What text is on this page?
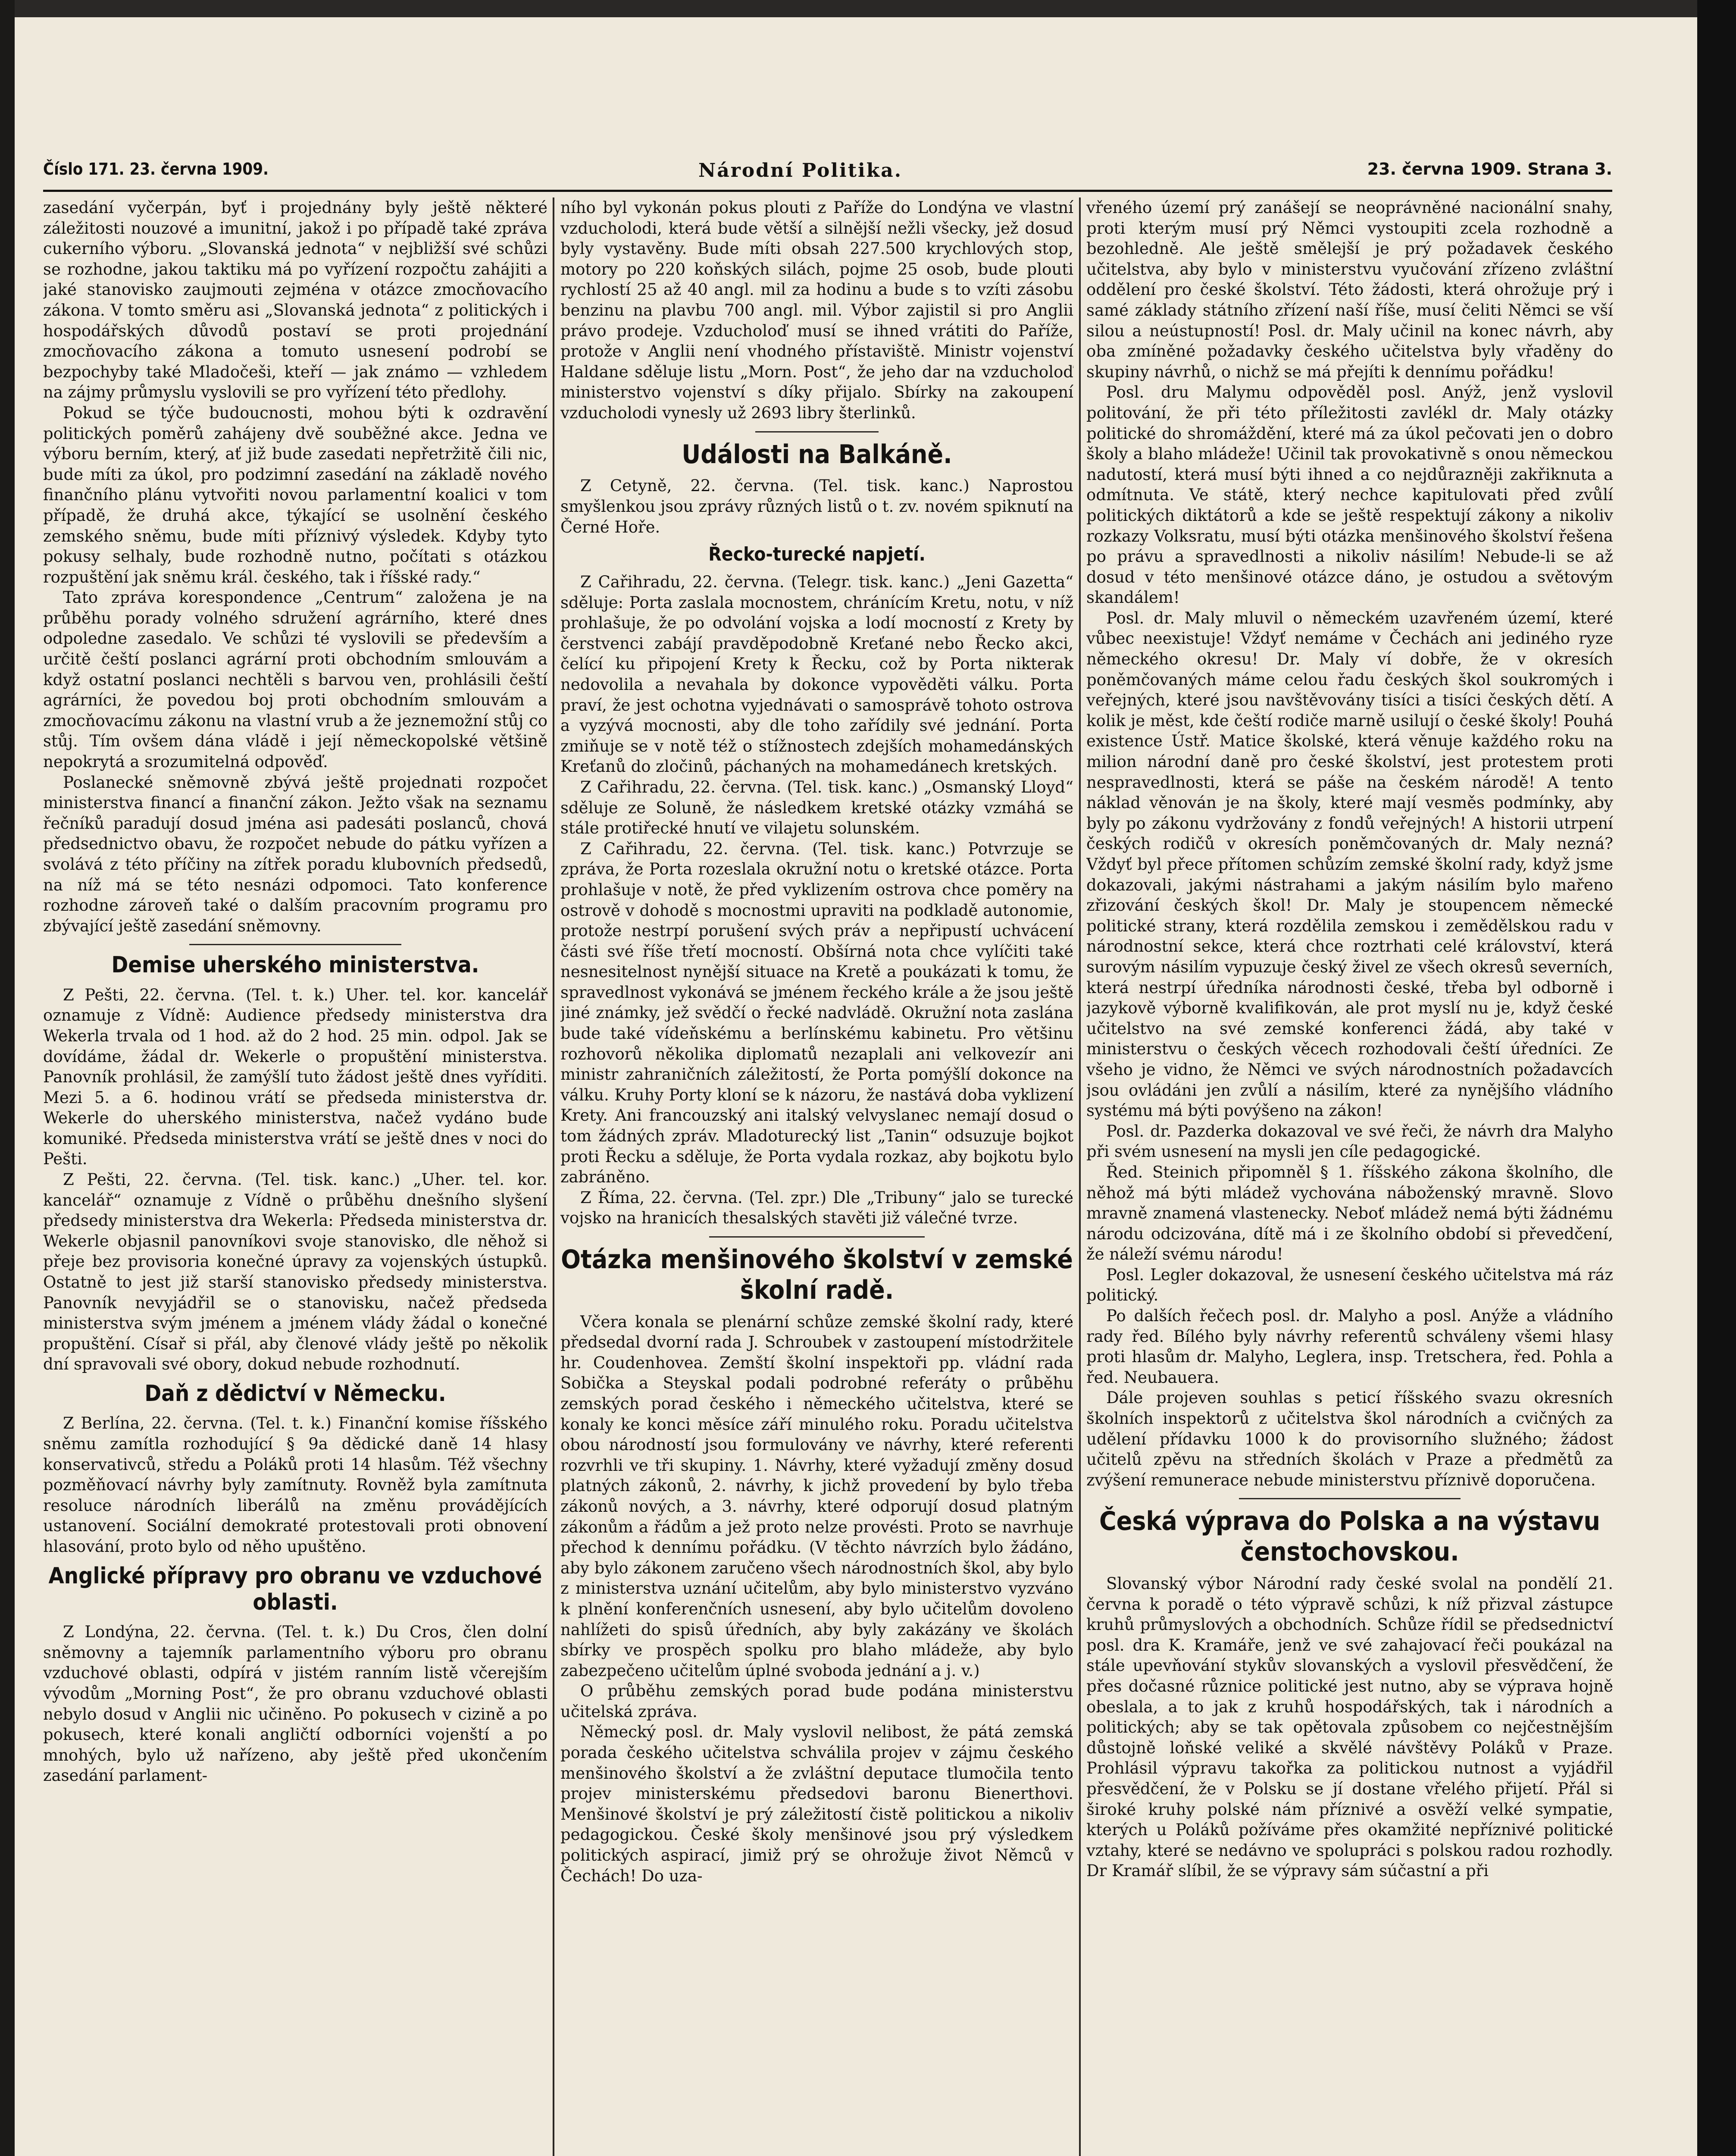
Číslo 171. 23. června 1909.	Národní Politika.	23. června 1909. Strana 3.

zasedání vyčerpán, byť i projednány byly ještě některé záležitosti nouzové a imunitní, jakož i po případě také zpráva cukerního výboru. „Slovanská jednota“ v nejbližší své schůzi se rozhodne, jakou taktiku má po vyřízení rozpočtu zahájiti a jaké stanovisko zaujmouti zejména v otázce zmocňovacího zákona. V tomto směru asi „Slovanská jednota“ z politických i hospodářských důvodů postaví se proti projednání zmocňovacího zákona a tomuto usnesení podrobí se bezpochyby také Mladočeši, kteří — jak známo — vzhledem na zájmy průmyslu vyslovili se pro vyřízení této předlohy.

Pokud se týče budoucnosti, mohou býti k ozdravění politických poměrů zahájeny dvě souběžné akce. Jedna ve výboru berním, který, ať již bude zasedati nepřetržitě čili nic, bude míti za úkol, pro podzimní zasedání na základě nového finančního plánu vytvořiti novou parlamentní koalici v tom případě, že druhá akce, týkající se usolnění českého zemského sněmu, bude míti příznivý výsledek. Kdyby tyto pokusy selhaly, bude rozhodně nutno, počítati s otázkou rozpuštění jak sněmu král. českého, tak i říšské rady.“

Tato zpráva korespondence „Centrum“ založena je na průběhu porady volného sdružení agrárního, které dnes odpoledne zasedalo. Ve schůzi té vyslovili se především a určitě čeští poslanci agrární proti obchodním smlouvám a když ostatní poslanci nechtěli s barvou ven, prohlásili čeští agrárníci, že povedou boj proti obchodním smlouvám a zmocňovacímu zákonu na vlastní vrub a že jeznemožní stůj co stůj. Tím ovšem dána vládě i její německopolské většině nepokrytá a srozumitelná odpověď.

Poslanecké sněmovně zbývá ještě projednati rozpočet ministerstva financí a finanční zákon. Ježto však na seznamu řečníků paradují dosud jména asi padesáti poslanců, chová předsednictvo obavu, že rozpočet nebude do pátku vyřízen a svolává z této příčiny na zítřek poradu klubovních předsedů, na níž má se této nesnázi odpomoci. Tato konference rozhodne zároveň také o dalším pracovním programu pro zbývající ještě zasedání sněmovny.

Demise uherského ministerstva.

Z Pešti, 22. června. (Tel. t. k.) Uher. tel. kor. kancelář oznamuje z Vídně: Audience předsedy ministerstva dra Wekerla trvala od 1 hod. až do 2 hod. 25 min. odpol. Jak se dovídáme, žádal dr. Wekerle o propuštění ministerstva. Panovník prohlásil, že zamýšlí tuto žádost ještě dnes vyříditi. Mezi 5. a 6. hodinou vrátí se předseda ministerstva dr. Wekerle do uherského ministerstva, načež vydáno bude komuniké. Předseda ministerstva vrátí se ještě dnes v noci do Pešti.

Z Pešti, 22. června. (Tel. tisk. kanc.) „Uher. tel. kor. kancelář“ oznamuje z Vídně o průběhu dnešního slyšení předsedy ministerstva dra Wekerla: Předseda ministerstva dr. Wekerle objasnil panovníkovi svoje stanovisko, dle něhož si přeje bez provisoria konečné úpravy za vojenských ústupků. Ostatně to jest již starší stanovisko předsedy ministerstva. Panovník nevyjádřil se o stanovisku, načež předseda ministerstva svým jménem a jménem vlády žádal o konečné propuštění. Císař si přál, aby členové vlády ještě po několik dní spravovali své obory, dokud nebude rozhodnutí.

Daň z dědictví v Německu.

Z Berlína, 22. června. (Tel. t. k.) Finanční komise říšského sněmu zamítla rozhodující § 9a dědické daně 14 hlasy konservativců, středu a Poláků proti 14 hlasům. Též všechny pozměňovací návrhy byly zamítnuty. Rovněž byla zamítnuta resoluce národních liberálů na změnu provádějících ustanovení. Sociální demokraté protestovali proti obnovení hlasování, proto bylo od něho upuštěno.

Anglické přípravy pro obranu ve vzduchové oblasti.

Z Londýna, 22. června. (Tel. t. k.) Du Cros, člen dolní sněmovny a tajemník parlamentního výboru pro obranu vzduchové oblasti, odpírá v jistém ranním listě včerejším vývodům „Morning Post“, že pro obranu vzduchové oblasti nebylo dosud v Anglii nic učiněno. Po pokusech v cizině a po pokusech, které konali angličtí odborníci vojenští a po mnohých, bylo už nařízeno, aby ještě před ukončením zasedání parlament-

ního byl vykonán pokus plouti z Paříže do Londýna ve vlastní vzducholodi, která bude větší a silnější nežli všecky, jež dosud byly vystavěny. Bude míti obsah 227.500 krychlových stop, motory po 220 koňských silách, pojme 25 osob, bude plouti rychlostí 25 až 40 angl. mil za hodinu a bude s to vzíti zásobu benzinu na plavbu 700 angl. mil. Výbor zajistil si pro Anglii právo prodeje. Vzducholoď musí se ihned vrátiti do Paříže, protože v Anglii není vhodného přístaviště. Ministr vojenství Haldane sděluje listu „Morn. Post“, že jeho dar na vzducholoď ministerstvo vojenství s díky přijalo. Sbírky na zakoupení vzducholodi vynesly už 2693 libry šterlinků.

Události na Balkáně.

Z Cetyně, 22. června. (Tel. tisk. kanc.) Naprostou smyšlenkou jsou zprávy různých listů o t. zv. novém spiknutí na Černé Hoře.

Řecko-turecké napjetí.

Z Cařihradu, 22. června. (Telegr. tisk. kanc.) „Jeni Gazetta“ sděluje: Porta zaslala mocnostem, chránícím Kretu, notu, v níž prohlašuje, že po odvolání vojska a lodí mocností z Krety by čerstvenci zabájí pravděpodobně Kreťané nebo Řecko akci, čelící ku připojení Krety k Řecku, což by Porta nikterak nedovolila a nevahala by dokonce vypověděti válku. Porta praví, že jest ochotna vyjednávati o samosprávě tohoto ostrova a vyzývá mocnosti, aby dle toho zařídily své jednání. Porta zmiňuje se v notě též o stížnostech zdejších mohamedánských Kreťanů do zločinů, páchaných na mohamedánech kretských.

Z Cařihradu, 22. června. (Tel. tisk. kanc.) „Osmanský Lloyd“ sděluje ze Soluně, že následkem kretské otázky vzmáhá se stále protiřecké hnutí ve vilajetu solunském.

Z Cařihradu, 22. června. (Tel. tisk. kanc.) Potvrzuje se zpráva, že Porta rozeslala okružní notu o kretské otázce. Porta prohlašuje v notě, že před vyklizením ostrova chce poměry na ostrově v dohodě s mocnostmi upraviti na podkladě autonomie, protože nestrpí porušení svých práv a nepřipustí uchvácení části své říše třetí mocností. Obšírná nota chce vylíčiti také nesnesitelnost nynější situace na Kretě a poukázati k tomu, že spravedlnost vykonává se jménem řeckého krále a že jsou ještě jiné známky, jež svědčí o řecké nadvládě. Okružní nota zaslána bude také vídeňskému a berlínskému kabinetu. Pro většinu rozhovorů několika diplomatů nezaplali ani velkovezír ani ministr zahraničních záležitostí, že Porta pomýšlí dokonce na válku. Kruhy Porty kloní se k názoru, že nastává doba vyklizení Krety. Ani francouzský ani italský velvyslanec nemají dosud o tom žádných zpráv. Mladoturecký list „Tanin“ odsuzuje bojkot proti Řecku a sděluje, že Porta vydala rozkaz, aby bojkotu bylo zabráněno.

Z Říma, 22. června. (Tel. zpr.) Dle „Tribuny“ jalo se turecké vojsko na hranicích thesalských stavěti již válečné tvrze.

Otázka menšinového školství v zemské školní radě.

Včera konala se plenární schůze zemské školní rady, které předsedal dvorní rada J. Schroubek v zastoupení místodržitele hr. Coudenhovea. Zemští školní inspektoři pp. vládní rada Sobička a Steyskal podali podrobné referáty o průběhu zemských porad českého i německého učitelstva, které se konaly ke konci měsíce září minulého roku. Poradu učitelstva obou národností jsou formulovány ve návrhy, které referenti rozvrhli ve tři skupiny. 1. Návrhy, které vyžadují změny dosud platných zákonů, 2. návrhy, k jichž provedení by bylo třeba zákonů nových, a 3. návrhy, které odporují dosud platným zákonům a řádům a jež proto nelze provésti. Proto se navrhuje přechod k dennímu pořádku. (V těchto návrzích bylo žádáno, aby bylo zákonem zaručeno všech národnostních škol, aby bylo z ministerstva uznání učitelům, aby bylo ministerstvo vyzváno k plnění konferenčních usnesení, aby bylo učitelům dovoleno nahlížeti do spisů úředních, aby byly zakázány ve školách sbírky ve prospěch spolku pro blaho mládeže, aby bylo zabezpečeno učitelům úplné svoboda jednání a j. v.)

O průběhu zemských porad bude podána ministerstvu učitelská zpráva.

Německý posl. dr. Maly vyslovil nelibost, že pátá zemská porada českého učitelstva schválila projev v zájmu českého menšinového školství a že zvláštní deputace tlumočila tento projev ministerskému předsedovi baronu Bienerthovi. Menšinové školství je prý záležitostí čistě politickou a nikoliv pedagogickou. České školy menšinové jsou prý výsledkem politických aspirací, jimiž prý se ohrožuje život Němců v Čechách! Do uza-

vřeného území prý zanášejí se neoprávněné nacionální snahy, proti kterým musí prý Němci vystoupiti zcela rozhodně a bezohledně. Ale ještě smělejší je prý požadavek českého učitelstva, aby bylo v ministerstvu vyučování zřízeno zvláštní oddělení pro české školství. Této žádosti, která ohrožuje prý i samé základy státního zřízení naší říše, musí čeliti Němci se vší silou a neústupností! Posl. dr. Maly učinil na konec návrh, aby oba zmíněné požadavky českého učitelstva byly vřaděny do skupiny návrhů, o nichž se má přejíti k dennímu pořádku!

Posl. dru Malymu odpověděl posl. Anýž, jenž vyslovil politování, že při této příležitosti zavlékl dr. Maly otázky politické do shromáždění, které má za úkol pečovati jen o dobro školy a blaho mládeže! Učinil tak provokativně s onou německou nadutostí, která musí býti ihned a co nejdůrazněji zakřiknuta a odmítnuta. Ve státě, který nechce kapitulovati před zvůlí politických diktátorů a kde se ještě respektují zákony a nikoliv rozkazy Volksratu, musí býti otázka menšinového školství řešena po právu a spravedlnosti a nikoliv násilím! Nebude-li se až dosud v této menšinové otázce dáno, je ostudou a světovým skandálem!

Posl. dr. Maly mluvil o německém uzavřeném území, které vůbec neexistuje! Vždyť nemáme v Čechách ani jediného ryze německého okresu! Dr. Maly ví dobře, že v okresích poněmčovaných máme celou řadu českých škol soukromých i veřejných, které jsou navštěvovány tisíci a tisíci českých dětí. A kolik je měst, kde čeští rodiče marně usilují o české školy! Pouhá existence Ústř. Matice školské, která věnuje každého roku na milion národní daně pro české školství, jest protestem proti nespravedlnosti, která se páše na českém národě! A tento náklad věnován je na školy, které mají vesměs podmínky, aby byly po zákonu vydržovány z fondů veřejných! A historii utrpení českých rodičů v okresích poněmčovaných dr. Maly nezná? Vždyť byl přece přítomen schůzím zemské školní rady, když jsme dokazovali, jakými nástrahami a jakým násilím bylo mařeno zřizování českých škol! Dr. Maly je stoupencem německé politické strany, která rozdělila zemskou i zemědělskou radu v národnostní sekce, která chce roztrhati celé království, která surovým násilím vypuzuje český živel ze všech okresů severních, která nestrpí úředníka národnosti české, třeba byl odborně i jazykově výborně kvalifikován, ale prot myslí nu je, když české učitelstvo na své zemské konferenci žádá, aby také v ministerstvu o českých věcech rozhodovali čeští úředníci. Ze všeho je vidno, že Němci ve svých národnostních požadavcích jsou ovládáni jen zvůlí a násilím, které za nynějšího vládního systému má býti povýšeno na zákon!

Posl. dr. Pazderka dokazoval ve své řeči, že návrh dra Malyho při svém usnesení na mysli jen cíle pedagogické.

Řed. Steinich připomněl § 1. říšského zákona školního, dle něhož má býti mládež vychována náboženský mravně. Slovo mravně znamená vlastenecky. Neboť mládež nemá býti žádnému národu odcizována, dítě má i ze školního období si převedčení, že náleží svému národu!

Posl. Legler dokazoval, že usnesení českého učitelstva má ráz politický.

Po dalších řečech posl. dr. Malyho a posl. Anýže a vládního rady řed. Bílého byly návrhy referentů schváleny všemi hlasy proti hlasům dr. Malyho, Leglera, insp. Tretschera, řed. Pohla a řed. Neubauera.

Dále projeven souhlas s peticí říšského svazu okresních školních inspektorů z učitelstva škol národních a cvičných za udělení přídavku 1000 k do provisorního služného; žádost učitelů zpěvu na středních školách v Praze a předmětů za zvýšení remunerace nebude ministerstvu příznivě doporučena.

Česká výprava do Polska a na výstavu čenstochovskou.

Slovanský výbor Národní rady české svolal na pondělí 21. června k poradě o této výpravě schůzi, k níž přizval zástupce kruhů průmyslových a obchodních. Schůze řídil se předsednictví posl. dra K. Kramáře, jenž ve své zahajovací řeči poukázal na stále upevňování stykův slovanských a vyslovil přesvědčení, že přes dočasné různice politické jest nutno, aby se výprava hojně obeslala, a to jak z kruhů hospodářských, tak i národních a politických; aby se tak opětovala způsobem co nejčestnějším důstojně loňské veliké a skvělé návštěvy Poláků v Praze. Prohlásil výpravu takořka za politickou nutnost a vyjádřil přesvědčení, že v Polsku se jí dostane vřelého přijetí. Přál si široké kruhy polské nám příznivé a osvěží velké sympatie, kterých u Poláků požíváme přes okamžité nepříznivé politické vztahy, které se nedávno ve spolupráci s polskou radou rozhodly. Dr Kramář slíbil, že se výpravy sám súčastní a při
